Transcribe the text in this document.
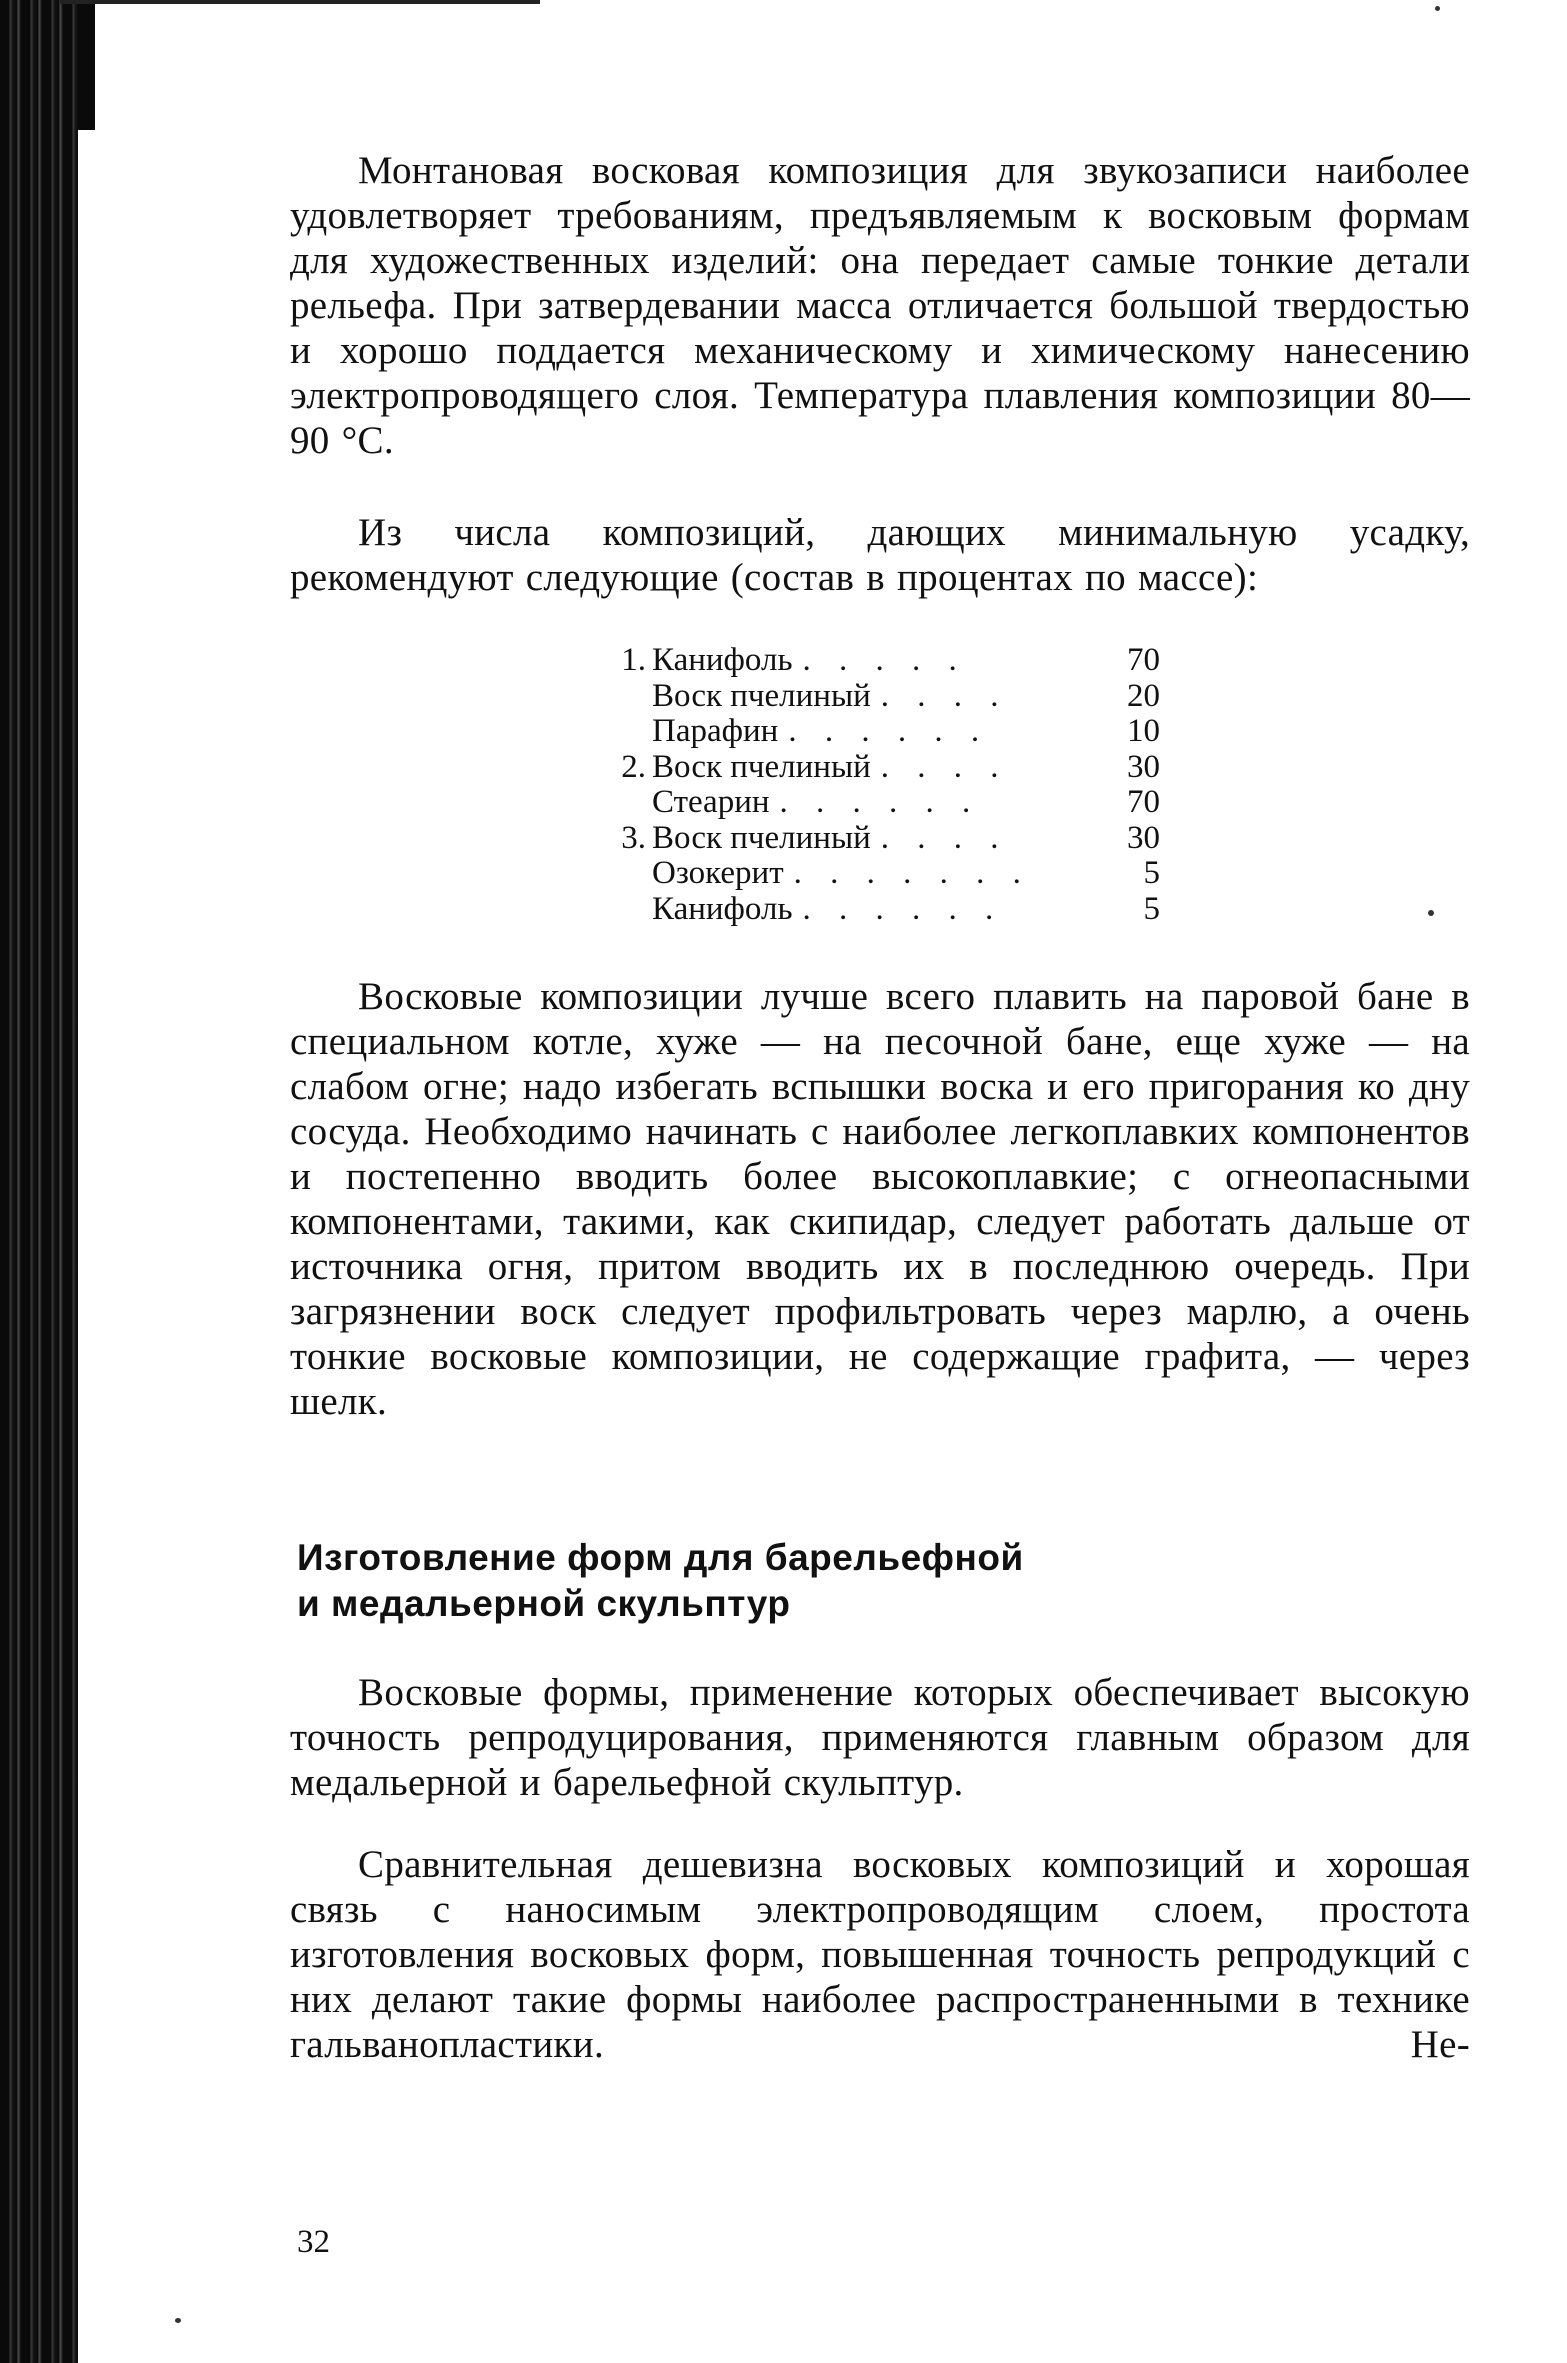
Монтановая восковая композиция для звукозаписи наиболее удовлетворяет требованиям, предъявляемым к восковым формам для художественных изделий: она передает самые тонкие детали рельефа. При затвердевании масса отличается большой твердостью и хорошо поддается механическому и химическому нанесению электропроводящего слоя. Температура плавления композиции 80—90 °С.

Из числа композиций, дающих минимальную усадку, рекомендуют следующие (состав в процентах по массе):

1. Канифоль . . . . .	70
Воск пчелиный . . . .	20
Парафин . . . . . .	10
2. Воск пчелиный . . . .	30
Стеарин . . . . . .	70
3. Воск пчелиный . . . .	30
Озокерит . . . . . . .	5
Канифоль . . . . . .	5

Восковые композиции лучше всего плавить на паровой бане в специальном котле, хуже — на песочной бане, еще хуже — на слабом огне; надо избегать вспышки воска и его пригорания ко дну сосуда. Необходимо начинать с наиболее легкоплавких компонентов и постепенно вводить более высокоплавкие; с огнеопасными компонентами, такими, как скипидар, следует работать дальше от источника огня, притом вводить их в последнюю очередь. При загрязнении воск следует профильтровать через марлю, а очень тонкие восковые композиции, не содержащие графита, — через шелк.

Изготовление форм для барельефной
и медальерной скульптур

Восковые формы, применение которых обеспечивает высокую точность репродуцирования, применяются главным образом для медальерной и барельефной скульптур.

Сравнительная дешевизна восковых композиций и хорошая связь с наносимым электропроводящим слоем, простота изготовления восковых форм, повышенная точность репродукций с них делают такие формы наиболее распространенными в технике гальванопластики. Не-

32
